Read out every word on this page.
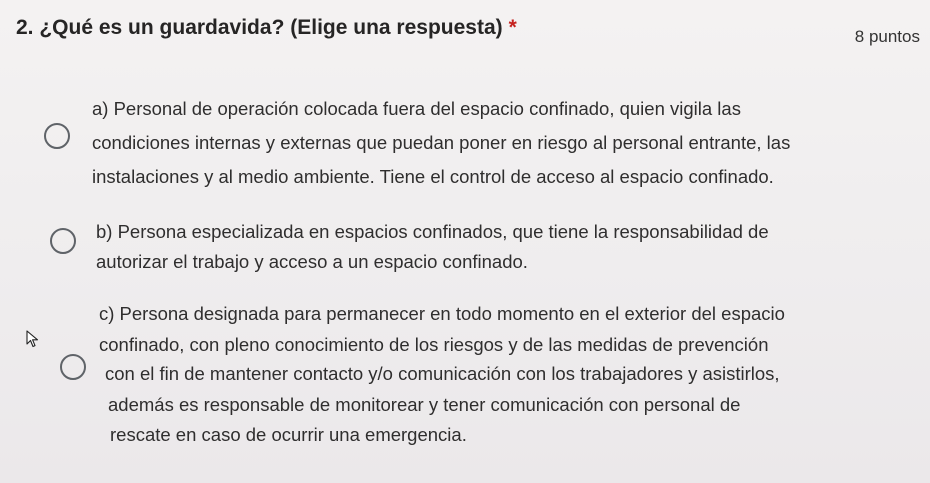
2. ¿Qué es un guardavida? (Elige una respuesta) *	8 puntos
a) Personal de operación colocada fuera del espacio confinado, quien vigila las
condiciones internas y externas que puedan poner en riesgo al personal entrante, las
instalaciones y al medio ambiente. Tiene el control de acceso al espacio confinado.
b) Persona especializada en espacios confinados, que tiene la responsabilidad de
autorizar el trabajo y acceso a un espacio confinado.
c) Persona designada para permanecer en todo momento en el exterior del espacio
confinado, con pleno conocimiento de los riesgos y de las medidas de prevención
con el fin de mantener contacto y/o comunicación con los trabajadores y asistirlos,
además es responsable de monitorear y tener comunicación con personal de
rescate en caso de ocurrir una emergencia.
